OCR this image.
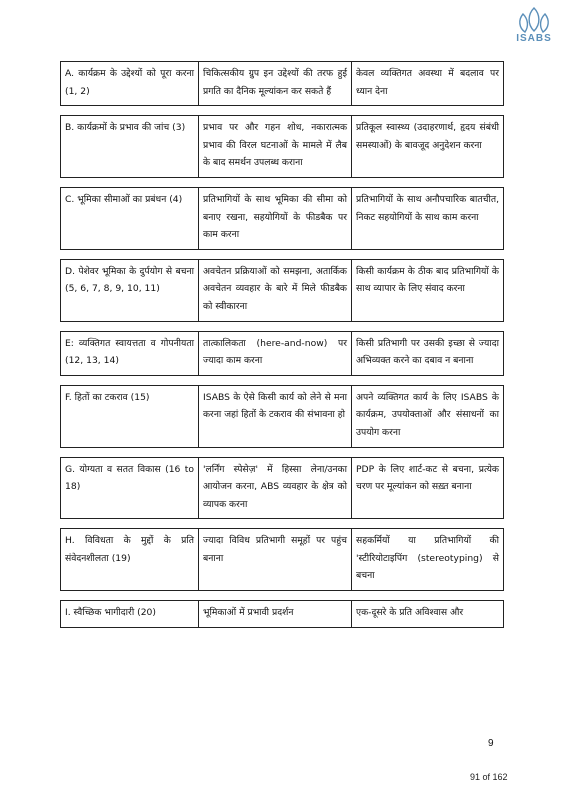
ISABS
A. कार्यक्रम के उद्देश्यों को पूरा करना (1, 2)	चिकित्सकीय ग्रुप इन उद्देश्यों की तरफ हुई प्रगति का दैनिक मूल्यांकन कर सकते हैं	केवल व्यक्तिगत अवस्था में बदलाव पर ध्यान देना

B. कार्यक्रमों के प्रभाव की जांच (3)	प्रभाव पर और गहन शोध, नकारात्मक प्रभाव की विरल घटनाओं के मामले में लैब के बाद समर्थन उपलब्ध कराना	प्रतिकूल स्वास्थ्य (उदाहरणार्थ, हृदय संबंधी समस्याओं) के बावजूद अनुदेशन करना

C. भूमिका सीमाओं का प्रबंधन (4)	प्रतिभागियों के साथ भूमिका की सीमा को बनाए रखना, सहयोगियों के फीडबैक पर काम करना	प्रतिभागियों के साथ अनौपचारिक बातचीत, निकट सहयोगियों के साथ काम करना

D. पेशेवर भूमिका के दुर्पयोग से बचना (5, 6, 7, 8, 9, 10, 11)	अवचेतन प्रक्रियाओं को समझना, अतार्किक अवचेतन व्यवहार के बारे में मिले फीडबैक को स्वीकारना	किसी कार्यक्रम के ठीक बाद प्रतिभागियों के साथ व्यापार के लिए संवाद करना

E: व्यक्तिगत स्वायत्तता व गोपनीयता (12, 13, 14)	तात्कालिकता (here-and-now) पर ज्यादा काम करना	किसी प्रतिभागी पर उसकी इच्छा से ज्यादा अभिव्यक्त करने का दबाव न बनाना

F. हितों का टकराव (15)	ISABS के ऐसे किसी कार्य को लेने से मना करना जहां हितों के टकराव की संभावना हो	अपने व्यक्तिगत कार्य के लिए ISABS के कार्यक्रम, उपयोक्ताओं और संसाधनों का उपयोग करना

G. योग्यता व सतत विकास (16 to 18)	'लर्निंग स्पेसेज़' में हिस्सा लेना/उनका आयोजन करना, ABS व्यवहार के क्षेत्र को व्यापक करना	PDP के लिए शार्ट-कट से बचना, प्रत्येक चरण पर मूल्यांकन को सख़्त बनाना

H. विविधता के मुद्दों के प्रति संवेदनशीलता (19)	ज्यादा विविध प्रतिभागी समूहों पर पहुंच बनाना	सहकर्मियों या प्रतिभागियों की 'स्टीरियोटाइपिंग (stereotyping) से बचना

I. स्वैच्छिक भागीदारी (20)	भूमिकाओं में प्रभावी प्रदर्शन	एक-दूसरे के प्रति अविश्वास और
9
91 of 162
